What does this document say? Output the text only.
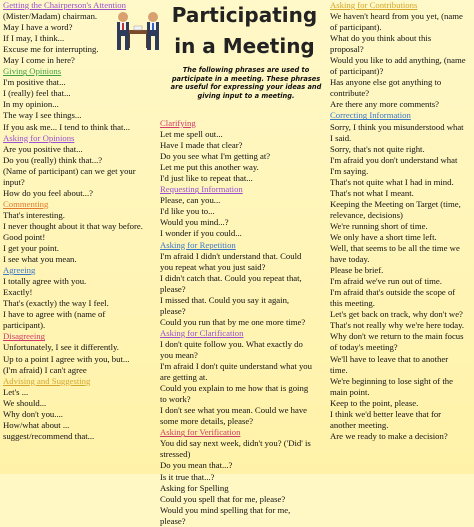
Getting the Chairperson's Attention
(Mister/Madam) chairman.
May I have a word?
If I may, I think...
Excuse me for interrupting.
May I come in here?
Giving Opinions
I'm positive that...
I (really) feel that...
In my opinion...
The way I see things...
If you ask me... I tend to think that...
Asking for Opinions
Are you positive that...
Do you (really) think that...?
(Name of participant) can we get your
input?
How do you feel about...?
Commenting
That's interesting.
I never thought about it that way before.
Good point!
I get your point.
I see what you mean.
Agreeing
I totally agree with you.
Exactly!
That's (exactly) the way I feel.
I have to agree with (name of
participant).
Disagreeing
Unfortunately, I see it differently.
Up to a point I agree with you, but...
(I'm afraid) I can't agree
Advising and Suggesting
Let's ...
We should...
Why don't you....
How/what about ...
suggest/recommend that...
Participating
in a Meeting
The following phrases are used to participate in a meeting. These phrases are useful for expressing your ideas and giving input to a meeting.
Clarifying
Let me spell out...
Have I made that clear?
Do you see what I'm getting at?
Let me put this another way.
I'd just like to repeat that...
Requesting Information
Please, can you...
I'd like you to...
Would you mind...?
I wonder if you could...
Asking for Repetition
I'm afraid I didn't understand that. Could
you repeat what you just said?
I didn't catch that. Could you repeat that,
please?
I missed that. Could you say it again,
please?
Could you run that by me one more time?
Asking for Clarification
I don't quite follow you. What exactly do
you mean?
I'm afraid I don't quite understand what you
are getting at.
Could you explain to me how that is going
to work?
I don't see what you mean. Could we have
some more details, please?
Asking for Verification
You did say next week, didn't you? ('Did' is
stressed)
Do you mean that...?
Is it true that...?
Asking for Spelling
Could you spell that for me, please?
Would you mind spelling that for me,
please?
Asking for Contributions
We haven't heard from you yet, (name
of participant).
What do you think about this
proposal?
Would you like to add anything, (name
of participant)?
Has anyone else got anything to
contribute?
Are there any more comments?
Correcting Information
Sorry, I think you misunderstood what
I said.
Sorry, that's not quite right.
I'm afraid you don't understand what
I'm saying.
That's not quite what I had in mind.
That's not what I meant.
Keeping the Meeting on Target (time,
relevance, decisions)
We're running short of time.
We only have a short time left.
Well, that seems to be all the time we
have today.
Please be brief.
I'm afraid we've run out of time.
I'm afraid that's outside the scope of
this meeting.
Let's get back on track, why don't we?
That's not really why we're here today.
Why don't we return to the main focus
of today's meeting?
We'll have to leave that to another
time.
We're beginning to lose sight of the
main point.
Keep to the point, please.
I think we'd better leave that for
another meeting.
Are we ready to make a decision?
